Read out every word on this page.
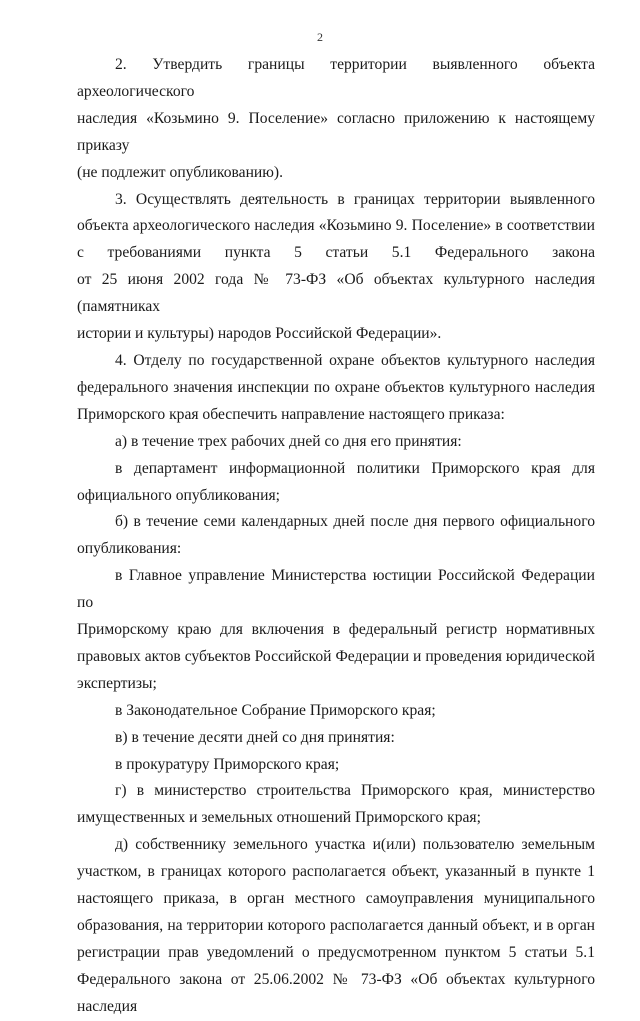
2

2. Утвердить границы территории выявленного объекта археологического
наследия «Козьмино 9. Поселение» согласно приложению к настоящему приказу
(не подлежит опубликованию).

3. Осуществлять деятельность в границах территории выявленного
объекта археологического наследия «Козьмино 9. Поселение» в соответствии
с требованиями пункта 5 статьи 5.1 Федерального закона
от 25 июня 2002 года № 73-ФЗ «Об объектах культурного наследия (памятниках
истории и культуры) народов Российской Федерации».

4. Отделу по государственной охране объектов культурного наследия
федерального значения инспекции по охране объектов культурного наследия
Приморского края обеспечить направление настоящего приказа:

а) в течение трех рабочих дней со дня его принятия:

в департамент информационной политики Приморского края для
официального опубликования;

б) в течение семи календарных дней после дня первого официального
опубликования:

в Главное управление Министерства юстиции Российской Федерации по
Приморскому краю для включения в федеральный регистр нормативных
правовых актов субъектов Российской Федерации и проведения юридической
экспертизы;

в Законодательное Собрание Приморского края;

в) в течение десяти дней со дня принятия:

в прокуратуру Приморского края;

г) в министерство строительства Приморского края, министерство
имущественных и земельных отношений Приморского края;

д) собственнику земельного участка и(или) пользователю земельным
участком, в границах которого располагается объект, указанный в пункте 1
настоящего приказа, в орган местного самоуправления муниципального
образования, на территории которого располагается данный объект, и в орган
регистрации прав уведомлений о предусмотренном пунктом 5 статьи 5.1
Федерального закона от 25.06.2002 № 73-ФЗ «Об объектах культурного наследия
